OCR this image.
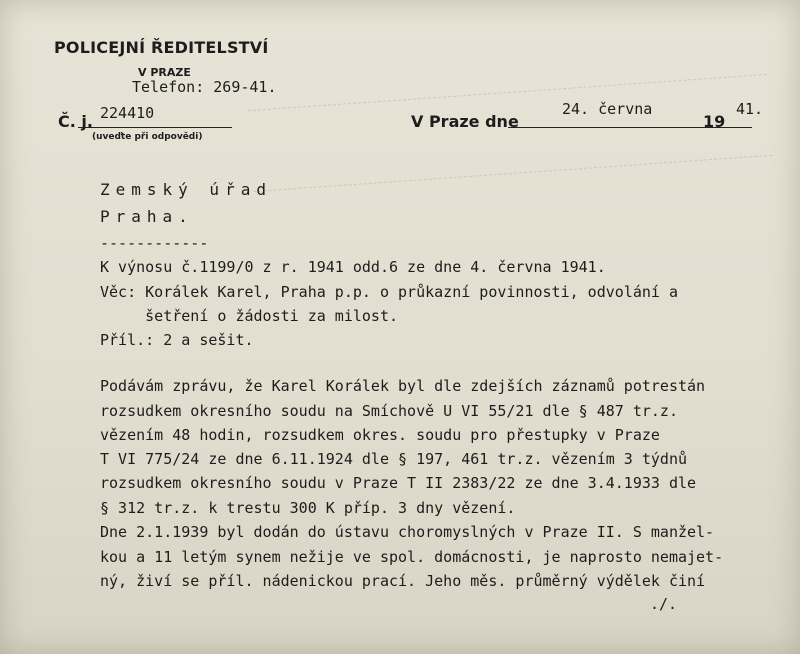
POLICEJNÍ ŘEDITELSTVÍ
V PRAZE
Telefon: 269-41.
Č. j. 224410
(uveďte při odpovědi)
V Praze dne
24. června
19
41.
Zemský úřad
Praha.
------------
K výnosu č.1199/0 z r. 1941 odd.6 ze dne 4. června 1941.
Věc: Korálek Karel, Praha p.p. o průkazní povinnosti, odvolání a
šetření o žádosti za milost.
Příl.: 2 a sešit.
Podávám zprávu, že Karel Korálek byl dle zdejších záznamů potrestán
rozsudkem okresního soudu na Smíchově U VI 55/21 dle § 487 tr.z.
vězením 48 hodin, rozsudkem okres. soudu pro přestupky v Praze
T VI 775/24 ze dne 6.11.1924 dle § 197, 461 tr.z. vězením 3 týdnů
rozsudkem okresního soudu v Praze T II 2383/22 ze dne 3.4.1933 dle
§ 312 tr.z. k trestu 300 K příp. 3 dny vězení.
Dne 2.1.1939 byl dodán do ústavu choromyslných v Praze II. S manžel-
kou a 11 letým synem nežije ve spol. domácnosti, je naprosto nemajet-
ný, živí se příl. nádenickou prací. Jeho měs. průměrný výdělek činí
./.
